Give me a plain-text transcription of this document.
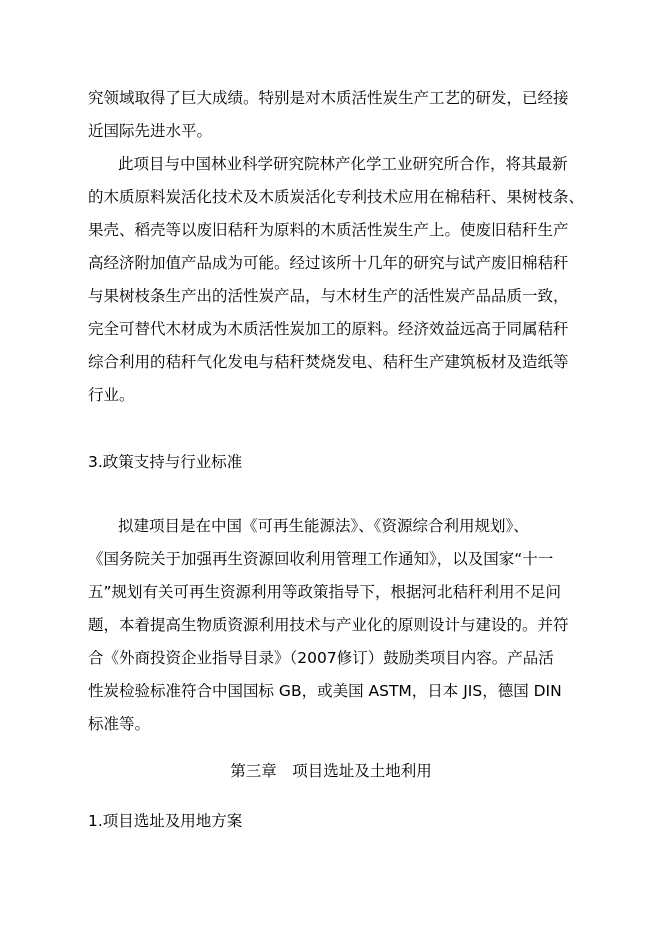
究领域取得了巨大成绩。特别是对木质活性炭生产工艺的研发，已经接
近国际先进水平。
此项目与中国林业科学研究院林产化学工业研究所合作，将其最新
的木质原料炭活化技术及木质炭活化专利技术应用在棉秸秆、果树枝条、
果壳、稻壳等以废旧秸秆为原料的木质活性炭生产上。使废旧秸秆生产
高经济附加值产品成为可能。经过该所十几年的研究与试产废旧棉秸秆
与果树枝条生产出的活性炭产品，与木材生产的活性炭产品品质一致，
完全可替代木材成为木质活性炭加工的原料。经济效益远高于同属秸秆
综合利用的秸秆气化发电与秸秆焚烧发电、秸秆生产建筑板材及造纸等
行业。
3.政策支持与行业标准
拟建项目是在中国《可再生能源法》、《资源综合利用规划》、
《国务院关于加强再生资源回收利用管理工作通知》，以及国家“十一
五”规划有关可再生资源利用等政策指导下，根据河北秸秆利用不足问
题，本着提高生物质资源利用技术与产业化的原则设计与建设的。并符
合《外商投资企业指导目录》（2007修订）鼓励类项目内容。产品活
性炭检验标准符合中国国标 GB，或美国 ASTM，日本 JIS，德国 DIN
标准等。
第三章　项目选址及土地利用
1.项目选址及用地方案
